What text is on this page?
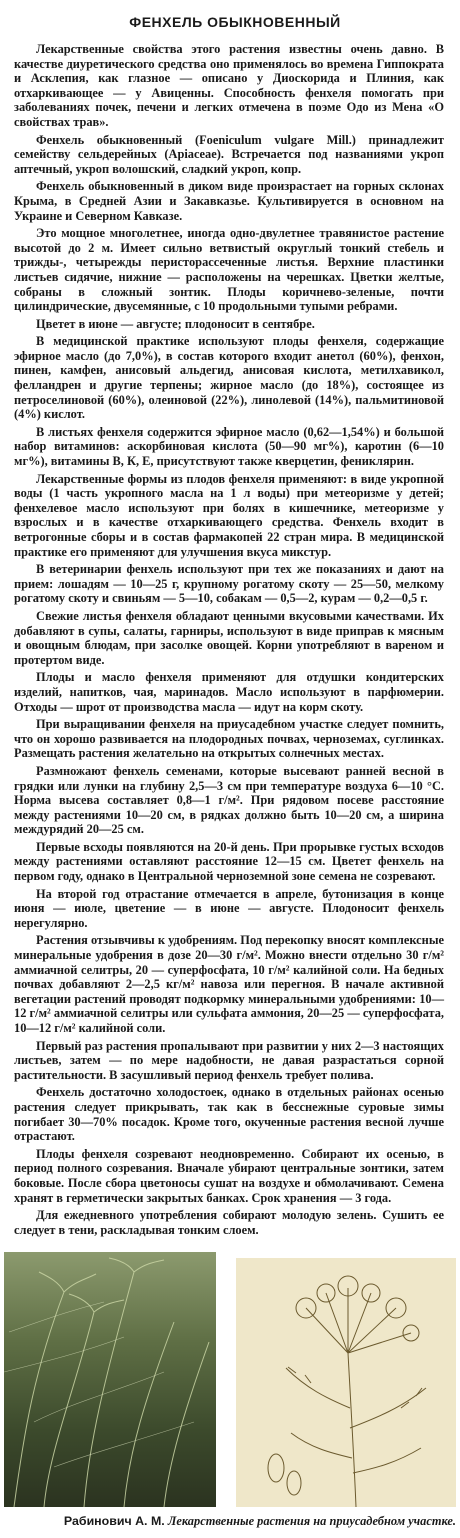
ФЕНХЕЛЬ ОБЫКНОВЕННЫЙ

Лекарственные свойства этого растения известны очень давно. В качестве диуретического средства оно применялось во времена Гиппократа и Асклепия, как глазное — описано у Диоскорида и Плиния, как отхаркивающее — у Авиценны. Способность фенхеля помогать при заболеваниях почек, печени и легких отмечена в поэме Одо из Мена «О свойствах трав».

Фенхель обыкновенный (Foeniculum vulgare Mill.) принадлежит семейству сельдерейных (Apiaceae). Встречается под названиями укроп аптечный, укроп волошский, сладкий укроп, копр.

Фенхель обыкновенный в диком виде произрастает на горных склонах Крыма, в Средней Азии и Закавказье. Культивируется в основном на Украине и Северном Кавказе.

Это мощное многолетнее, иногда одно-двулетнее травянистое растение высотой до 2 м. Имеет сильно ветвистый округлый тонкий стебель и трижды-, четырежды перисторассеченные листья. Верхние пластинки листьев сидячие, нижние — расположены на черешках. Цветки желтые, собраны в сложный зонтик. Плоды коричнево-зеленые, почти цилиндрические, двусемянные, с 10 продольными тупыми ребрами.

Цветет в июне — августе; плодоносит в сентябре.

В медицинской практике используют плоды фенхеля, содержащие эфирное масло (до 7,0%), в состав которого входит анетол (60%), фенхон, пинен, камфен, анисовый альдегид, анисовая кислота, метилхавикол, фелландрен и другие терпены; жирное масло (до 18%), состоящее из петроселиновой (60%), олеиновой (22%), линолевой (14%), пальмитиновой (4%) кислот.

В листьях фенхеля содержится эфирное масло (0,62—1,54%) и большой набор витаминов: аскорбиновая кислота (50—90 мг%), каротин (6—10 мг%), витамины В, К, Е, присутствуют также кверцетин, фениклярин.

Лекарственные формы из плодов фенхеля применяют: в виде укропной воды (1 часть укропного масла на 1 л воды) при метеоризме у детей; фенхелевое масло используют при болях в кишечнике, метеоризме у взрослых и в качестве отхаркивающего средства. Фенхель входит в ветрогонные сборы и в состав фармакопей 22 стран мира. В медицинской практике его применяют для улучшения вкуса микстур.

В ветеринарии фенхель используют при тех же показаниях и дают на прием: лошадям — 10—25 г, крупному рогатому скоту — 25—50, мелкому рогатому скоту и свиньям — 5—10, собакам — 0,5—2, курам — 0,2—0,5 г.

Свежие листья фенхеля обладают ценными вкусовыми качествами. Их добавляют в супы, салаты, гарниры, используют в виде приправ к мясным и овощным блюдам, при засолке овощей. Корни употребляют в вареном и протертом виде.

Плоды и масло фенхеля применяют для отдушки кондитерских изделий, напитков, чая, маринадов. Масло используют в парфюмерии. Отходы — шрот от производства масла — идут на корм скоту.

При выращивании фенхеля на приусадебном участке следует помнить, что он хорошо развивается на плодородных почвах, черноземах, суглинках. Размещать растения желательно на открытых солнечных местах.

Размножают фенхель семенами, которые высевают ранней весной в грядки или лунки на глубину 2,5—3 см при температуре воздуха 6—10 °С. Норма высева составляет 0,8—1 г/м². При рядовом посеве расстояние между растениями 10—20 см, в рядках должно быть 10—20 см, а ширина междурядий 20—25 см.

Первые всходы появляются на 20-й день. При прорывке густых всходов между растениями оставляют расстояние 12—15 см. Цветет фенхель на первом году, однако в Центральной черноземной зоне семена не созревают.

На второй год отрастание отмечается в апреле, бутонизация в конце июня — июле, цветение — в июне — августе. Плодоносит фенхель нерегулярно.

Растения отзывчивы к удобрениям. Под перекопку вносят комплексные минеральные удобрения в дозе 20—30 г/м². Можно внести отдельно 30 г/м² аммиачной селитры, 20 — суперфосфата, 10 г/м² калийной соли. На бедных почвах добавляют 2—2,5 кг/м² навоза или перегноя. В начале активной вегетации растений проводят подкормку минеральными удобрениями: 10—12 г/м² аммиачной селитры или сульфата аммония, 20—25 — суперфосфата, 10—12 г/м² калийной соли.

Первый раз растения пропалывают при развитии у них 2—3 настоящих листьев, затем — по мере надобности, не давая разрастаться сорной растительности. В засушливый период фенхель требует полива.

Фенхель достаточно холодостоек, однако в отдельных районах осенью растения следует прикрывать, так как в бесснежные суровые зимы погибает 30—70% посадок. Кроме того, окученные растения весной лучше отрастают.

Плоды фенхеля созревают неодновременно. Собирают их осенью, в период полного созревания. Вначале убирают центральные зонтики, затем боковые. После сбора цветоносы сушат на воздухе и обмолачивают. Семена хранят в герметически закрытых банках. Срок хранения — 3 года.

Для ежедневного употребления собирают молодую зелень. Сушить ее следует в тени, раскладывая тонким слоем.

Рабинович А. М. Лекарственные растения на приусадебном участке.
